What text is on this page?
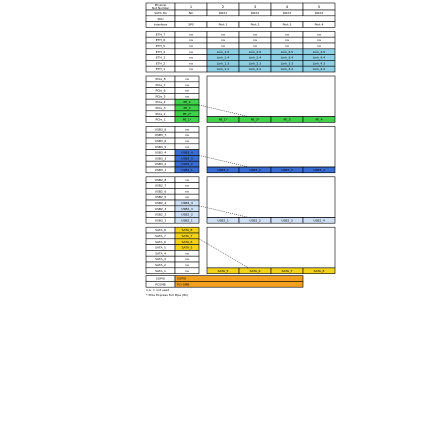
Physical
Slot Number	1	2	3	4	5
SATA 3G	NC	DRX1	DRX2	DRX3	DRX4
SKU
Interface	SPS	Port 1	Port 2	Port 3	Port 4
ETH_7	na	na	na	na	na
ETH_6	na	na	na	na	na
ETH_5	na	na	na	na	na
ETH_4	na	Link_1.5	Link_2.5	Link_3.5	Link_4.5
ETH_3	na	Link_1.4	Link_2.4	Link_3.4	Link_4.4
ETH_2	na	Link_1.3	Link_2.3	Link_3.3	Link_4.3
ETH_1	na	Link_1.2	Link_2.2	Link_3.2	Link_4.2
PCIe_8	na
PCIe_7	na
PCIe_6	na
PCIe_5	na
PCIe_4	PE_4
PCIe_3	PE_3
PCIe_2	PE_2*
PCIe_1	PE_1*	PE_1*	PE_2*	PE_3	PE_4
USB3_8	na
USB3_7	na
USB3_6	na
USB3_5	na
USB3_4	USB3_4
USB3_3	USB3_3
USB3_2	USB3_2
USB3_1	USB3_1	USB3_1	USB3_2	USB3_3	USB3_4
USB2_8	na
USB2_7	na
USB2_6	na
USB2_5	na
USB2_4	USB2_4
USB2_3	USB2_3
USB2_2	USB2_2
USB2_1	USB2_1	USB2_1	USB2_2	USB2_3	USB2_4
SATA_8	SATA_8
SATA_7	SATA_7
SATA_6	SATA_6
SATA_5	SATA_5
SATA_4	na
SATA_3	na
SATA_2	na
SATA_1	na	SATA_5	SATA_6	SATA_7	SATA_8
SGPIO	SGPIO
PCSMB	PCI SMB
n.a. = not used
* PCIe Express Full Pipe (8x)
